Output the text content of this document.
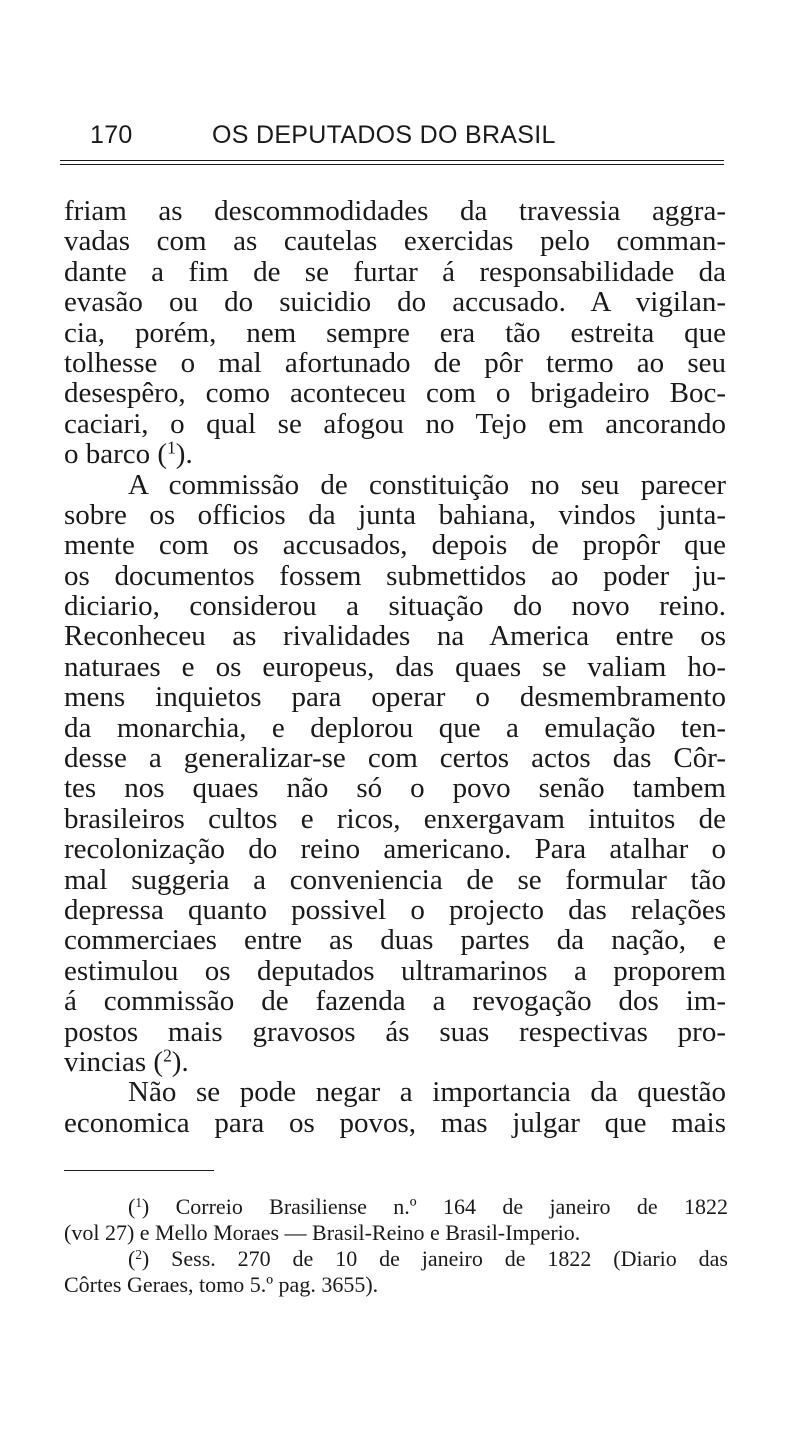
170	OS DEPUTADOS DO BRASIL
friam as descommodidades da travessia aggra-
vadas com as cautelas exercidas pelo comman-
dante a fim de se furtar á responsabilidade da
evasão ou do suicidio do accusado. A vigilan-
cia, porém, nem sempre era tão estreita que
tolhesse o mal afortunado de pôr termo ao seu
desespêro, como aconteceu com o brigadeiro Boc-
caciari, o qual se afogou no Tejo em ancorando
o barco ($^1$).
A commissão de constituição no seu parecer
sobre os officios da junta bahiana, vindos junta-
mente com os accusados, depois de propôr que
os documentos fossem submettidos ao poder ju-
diciario, considerou a situação do novo reino.
Reconheceu as rivalidades na America entre os
naturaes e os europeus, das quaes se valiam ho-
mens inquietos para operar o desmembramento
da monarchia, e deplorou que a emulação ten-
desse a generalizar-se com certos actos das Côr-
tes nos quaes não só o povo senão tambem
brasileiros cultos e ricos, enxergavam intuitos de
recolonização do reino americano. Para atalhar o
mal suggeria a conveniencia de se formular tão
depressa quanto possivel o projecto das relações
commerciaes entre as duas partes da nação, e
estimulou os deputados ultramarinos a proporem
á commissão de fazenda a revogação dos im-
postos mais gravosos ás suas respectivas pro-
vincias ($^2$).
Não se pode negar a importancia da questão
economica para os povos, mas julgar que mais
($^1$) Correio Brasiliense n.º 164 de janeiro de 1822
(vol 27) e Mello Moraes — Brasil-Reino e Brasil-Imperio.
($^2$) Sess. 270 de 10 de janeiro de 1822 (Diario das
Côrtes Geraes, tomo 5.º pag. 3655).
